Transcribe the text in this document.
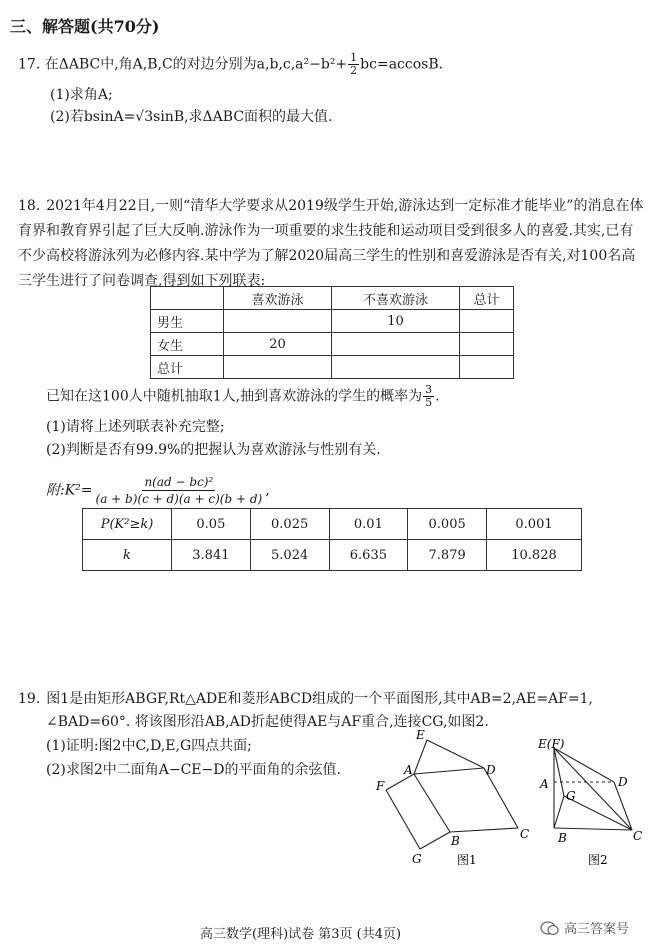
三、解答题(共70分)
17. 在ΔABC中,角A,B,C的对边分别为$a,b,c,a^2-b^2+ \frac{1}{2} bc=accosB$.
(1)求角A;
(2)若bsinA=√3sinB,求ΔABC面积的最大值.
18. 2021年4月22日,一则“清华大学要求从2019级学生开始,游泳达到一定标准才能毕业”的消息在体育界和教育界引起了巨大反响.游泳作为一项重要的求生技能和运动项目受到很多人的喜爱.其实,已有不少高校将游泳列为必修内容.某中学为了解2020届高三学生的性别和喜爱游泳是否有关,对100名高三学生进行了问卷调查,得到如下列联表:
	喜欢游泳	不喜欢游泳	总计
男生		10	
女生	20		
总计			
已知在这100人中随机抽取1人,抽到喜欢游泳的学生的概率为 $\frac{3}{5}$ .
(1)请将上述列联表补充完整;
(2)判断是否有99.9%的把握认为喜欢游泳与性别有关.
附:K²= $\frac{\text{n(ad − bc)²}}{(a + b)(c + d)(a + c)(b + d)}$ ,
P(K²≥k)	0.05	0.025	0.01	0.005	0.001
k	3.841	5.024	6.635	7.879	10.828
19. 图1是由矩形ABGF,Rt△ADE和菱形ABCD组成的一个平面图形,其中AB=2,AE=AF=1,
∠BAD=60°. 将该图形沿AB,AD折起使得AE与AF重合,连接CG,如图2.
(1)证明:图2中C,D,E,G四点共面;
(2)求图2中二面角A−CE−D的平面角的余弦值.
E
A	D
F
B	C
G	图1
E(F)
A	D
G
B	C
图2
高三数学(理科)试卷 第3页 (共4页)	高三答案号
